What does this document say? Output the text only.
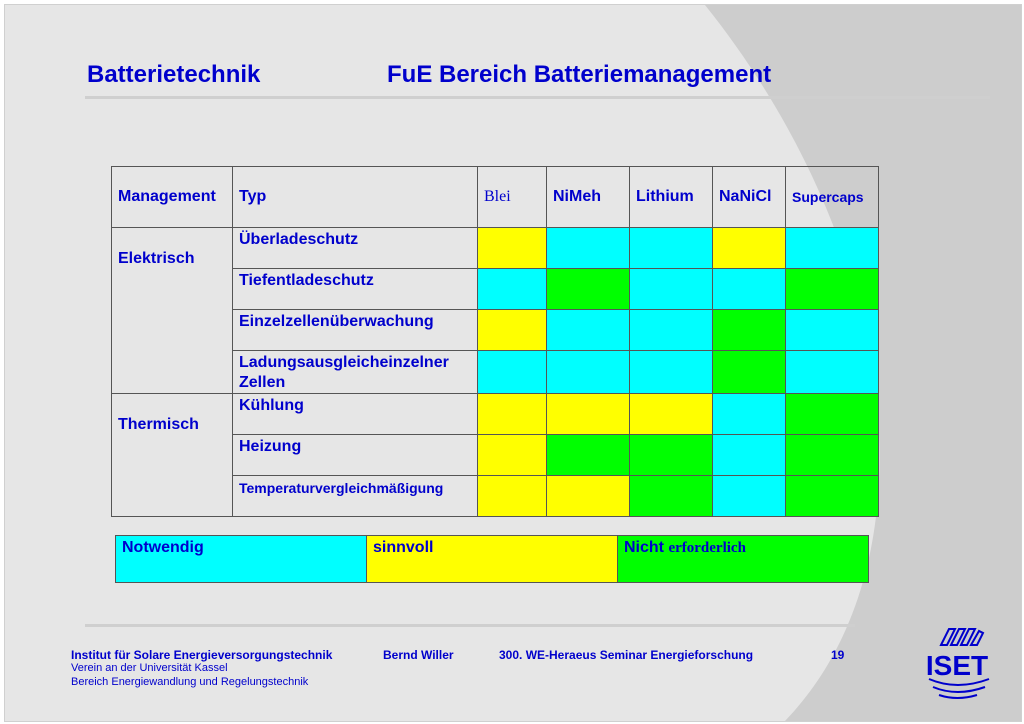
Batterietechnik	FuE Bereich Batteriemanagement
Management	Typ	Blei	NiMeh	Lithium	NaNiCl	Supercaps
Elektrisch	Überladeschutz					
	Tiefentladeschutz					
	Einzelzellenüberwachung					
	Ladungsausgleicheinzelner Zellen					
Thermisch	Kühlung					
	Heizung					
	Temperaturvergleichmäßigung					
Notwendig	sinnvoll	Nicht erforderlich
Institut für Solare Energieversorgungstechnik	Bernd Willer	300. WE-Heraeus Seminar Energieforschung	19
Verein an der Universität Kassel
Bereich Energiewandlung und Regelungstechnik
ISET
